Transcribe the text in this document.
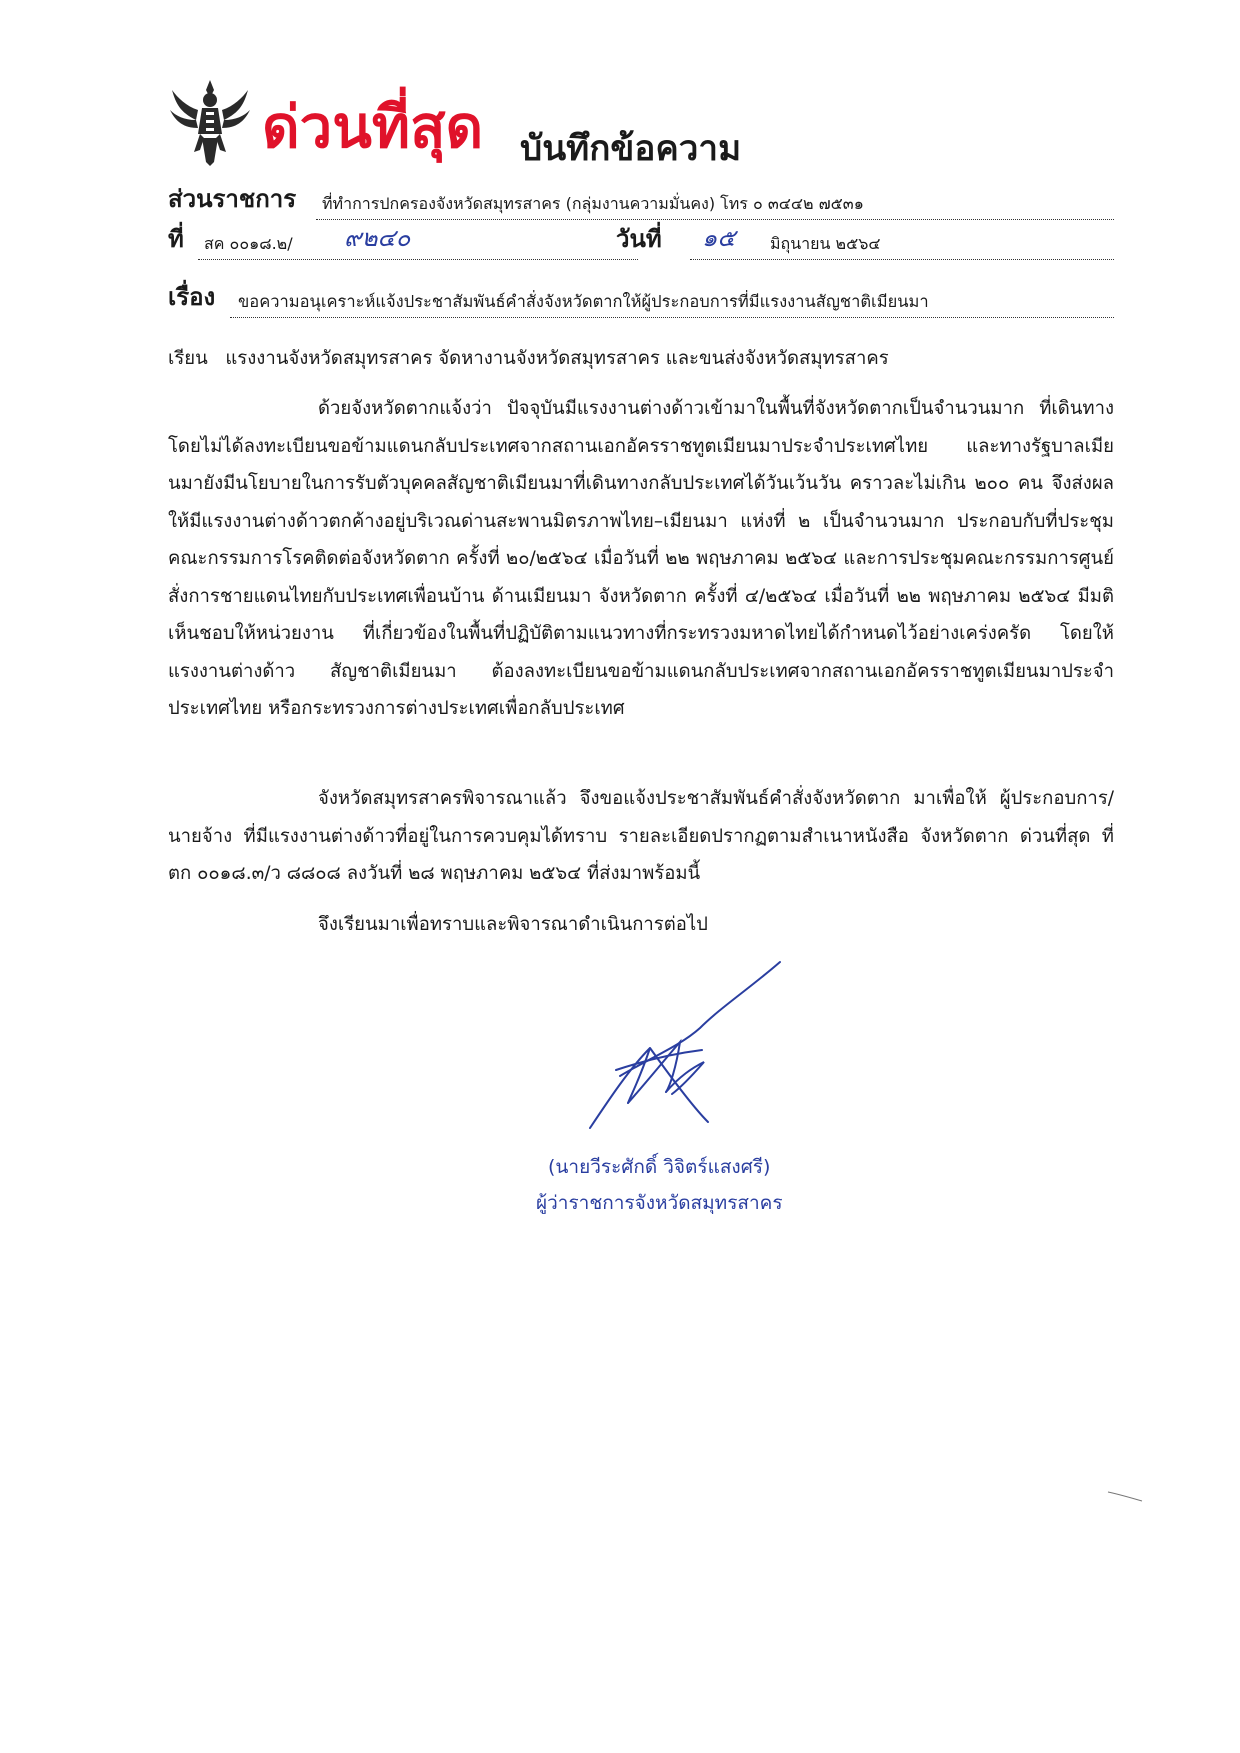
ด่วนที่สุด บันทึกข้อความ
ส่วนราชการ ที่ทำการปกครองจังหวัดสมุทรสาคร (กลุ่มงานความมั่นคง) โทร ๐ ๓๔๔๒ ๗๕๓๑
ที่ สค ๐๐๑๘.๒/ ๙๒๔๐	วันที่ ๑๕ มิถุนายน ๒๕๖๔
เรื่อง ขอความอนุเคราะห์แจ้งประชาสัมพันธ์คำสั่งจังหวัดตากให้ผู้ประกอบการที่มีแรงงานสัญชาติเมียนมา
เรียน   แรงงานจังหวัดสมุทรสาคร จัดหางานจังหวัดสมุทรสาคร และขนส่งจังหวัดสมุทรสาคร

ด้วยจังหวัดตากแจ้งว่า ปัจจุบันมีแรงงานต่างด้าวเข้ามาในพื้นที่จังหวัดตากเป็นจำนวนมาก ที่เดินทางโดยไม่ได้ลงทะเบียนขอข้ามแดนกลับประเทศจากสถานเอกอัครราชทูตเมียนมาประจำประเทศไทย และทางรัฐบาลเมียนมายังมีนโยบายในการรับตัวบุคคลสัญชาติเมียนมาที่เดินทางกลับประเทศได้วันเว้นวัน คราวละไม่เกิน ๒๐๐ คน จึงส่งผลให้มีแรงงานต่างด้าวตกค้างอยู่บริเวณด่านสะพานมิตรภาพไทย–เมียนมา แห่งที่ ๒ เป็นจำนวนมาก ประกอบกับที่ประชุมคณะกรรมการโรคติดต่อจังหวัดตาก ครั้งที่ ๒๐/๒๕๖๔ เมื่อวันที่ ๒๒ พฤษภาคม ๒๕๖๔ และการประชุมคณะกรรมการศูนย์สั่งการชายแดนไทยกับประเทศเพื่อนบ้าน ด้านเมียนมา จังหวัดตาก ครั้งที่ ๔/๒๕๖๔ เมื่อวันที่ ๒๒ พฤษภาคม ๒๕๖๔ มีมติเห็นชอบให้หน่วยงาน ที่เกี่ยวข้องในพื้นที่ปฏิบัติตามแนวทางที่กระทรวงมหาดไทยได้กำหนดไว้อย่างเคร่งครัด โดยให้แรงงานต่างด้าว สัญชาติเมียนมา ต้องลงทะเบียนขอข้ามแดนกลับประเทศจากสถานเอกอัครราชทูตเมียนมาประจำประเทศไทย หรือกระทรวงการต่างประเทศเพื่อกลับประเทศ

จังหวัดสมุทรสาครพิจารณาแล้ว จึงขอแจ้งประชาสัมพันธ์คำสั่งจังหวัดตาก มาเพื่อให้ ผู้ประกอบการ/นายจ้าง ที่มีแรงงานต่างด้าวที่อยู่ในการควบคุมได้ทราบ รายละเอียดปรากฏตามสำเนาหนังสือ จังหวัดตาก ด่วนที่สุด ที่ ตก ๐๐๑๘.๓/ว ๘๘๐๘ ลงวันที่ ๒๘ พฤษภาคม ๒๕๖๔ ที่ส่งมาพร้อมนี้

จึงเรียนมาเพื่อทราบและพิจารณาดำเนินการต่อไป
(นายวีระศักดิ์ วิจิตร์แสงศรี)
ผู้ว่าราชการจังหวัดสมุทรสาคร
